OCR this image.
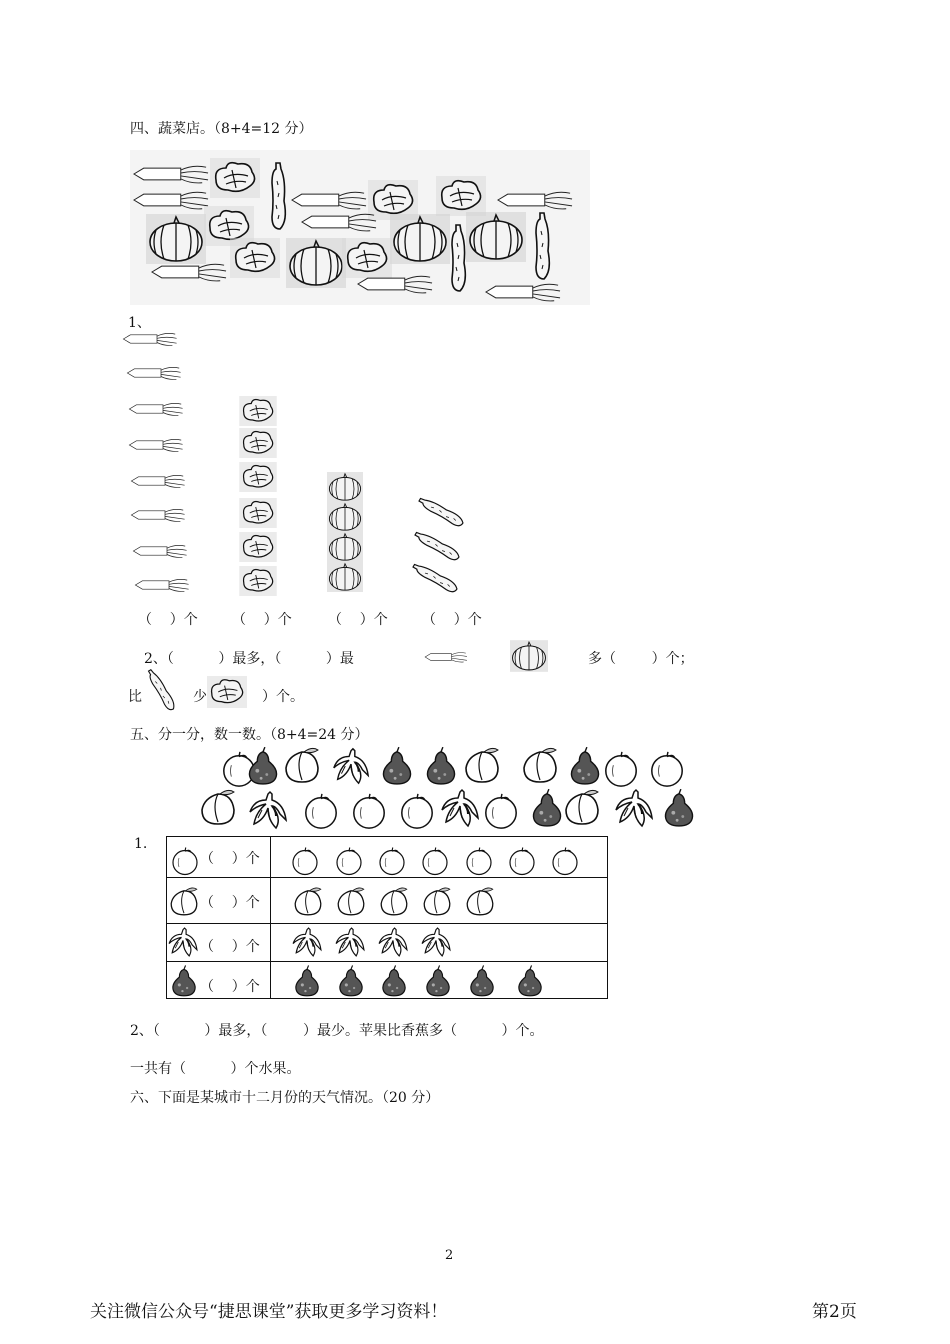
四、蔬菜店。（8+4=12 分）
1、
（    ）个 （    ）个	（    ）个 （    ）个
2、（          ）最多，（          ）最	多（        ）个；
比	少	）个。
五、分一分，数一数。（8+4=24 分）
1.
（    ）个
（    ）个
（    ）个
（    ）个
2、（          ）最多，（        ）最少。苹果比香蕉多（          ）个。
一共有（          ）个水果。
六、下面是某城市十二月份的天气情况。（20 分）
2
关注微信公众号“捷思课堂”获取更多学习资料！	第2页
